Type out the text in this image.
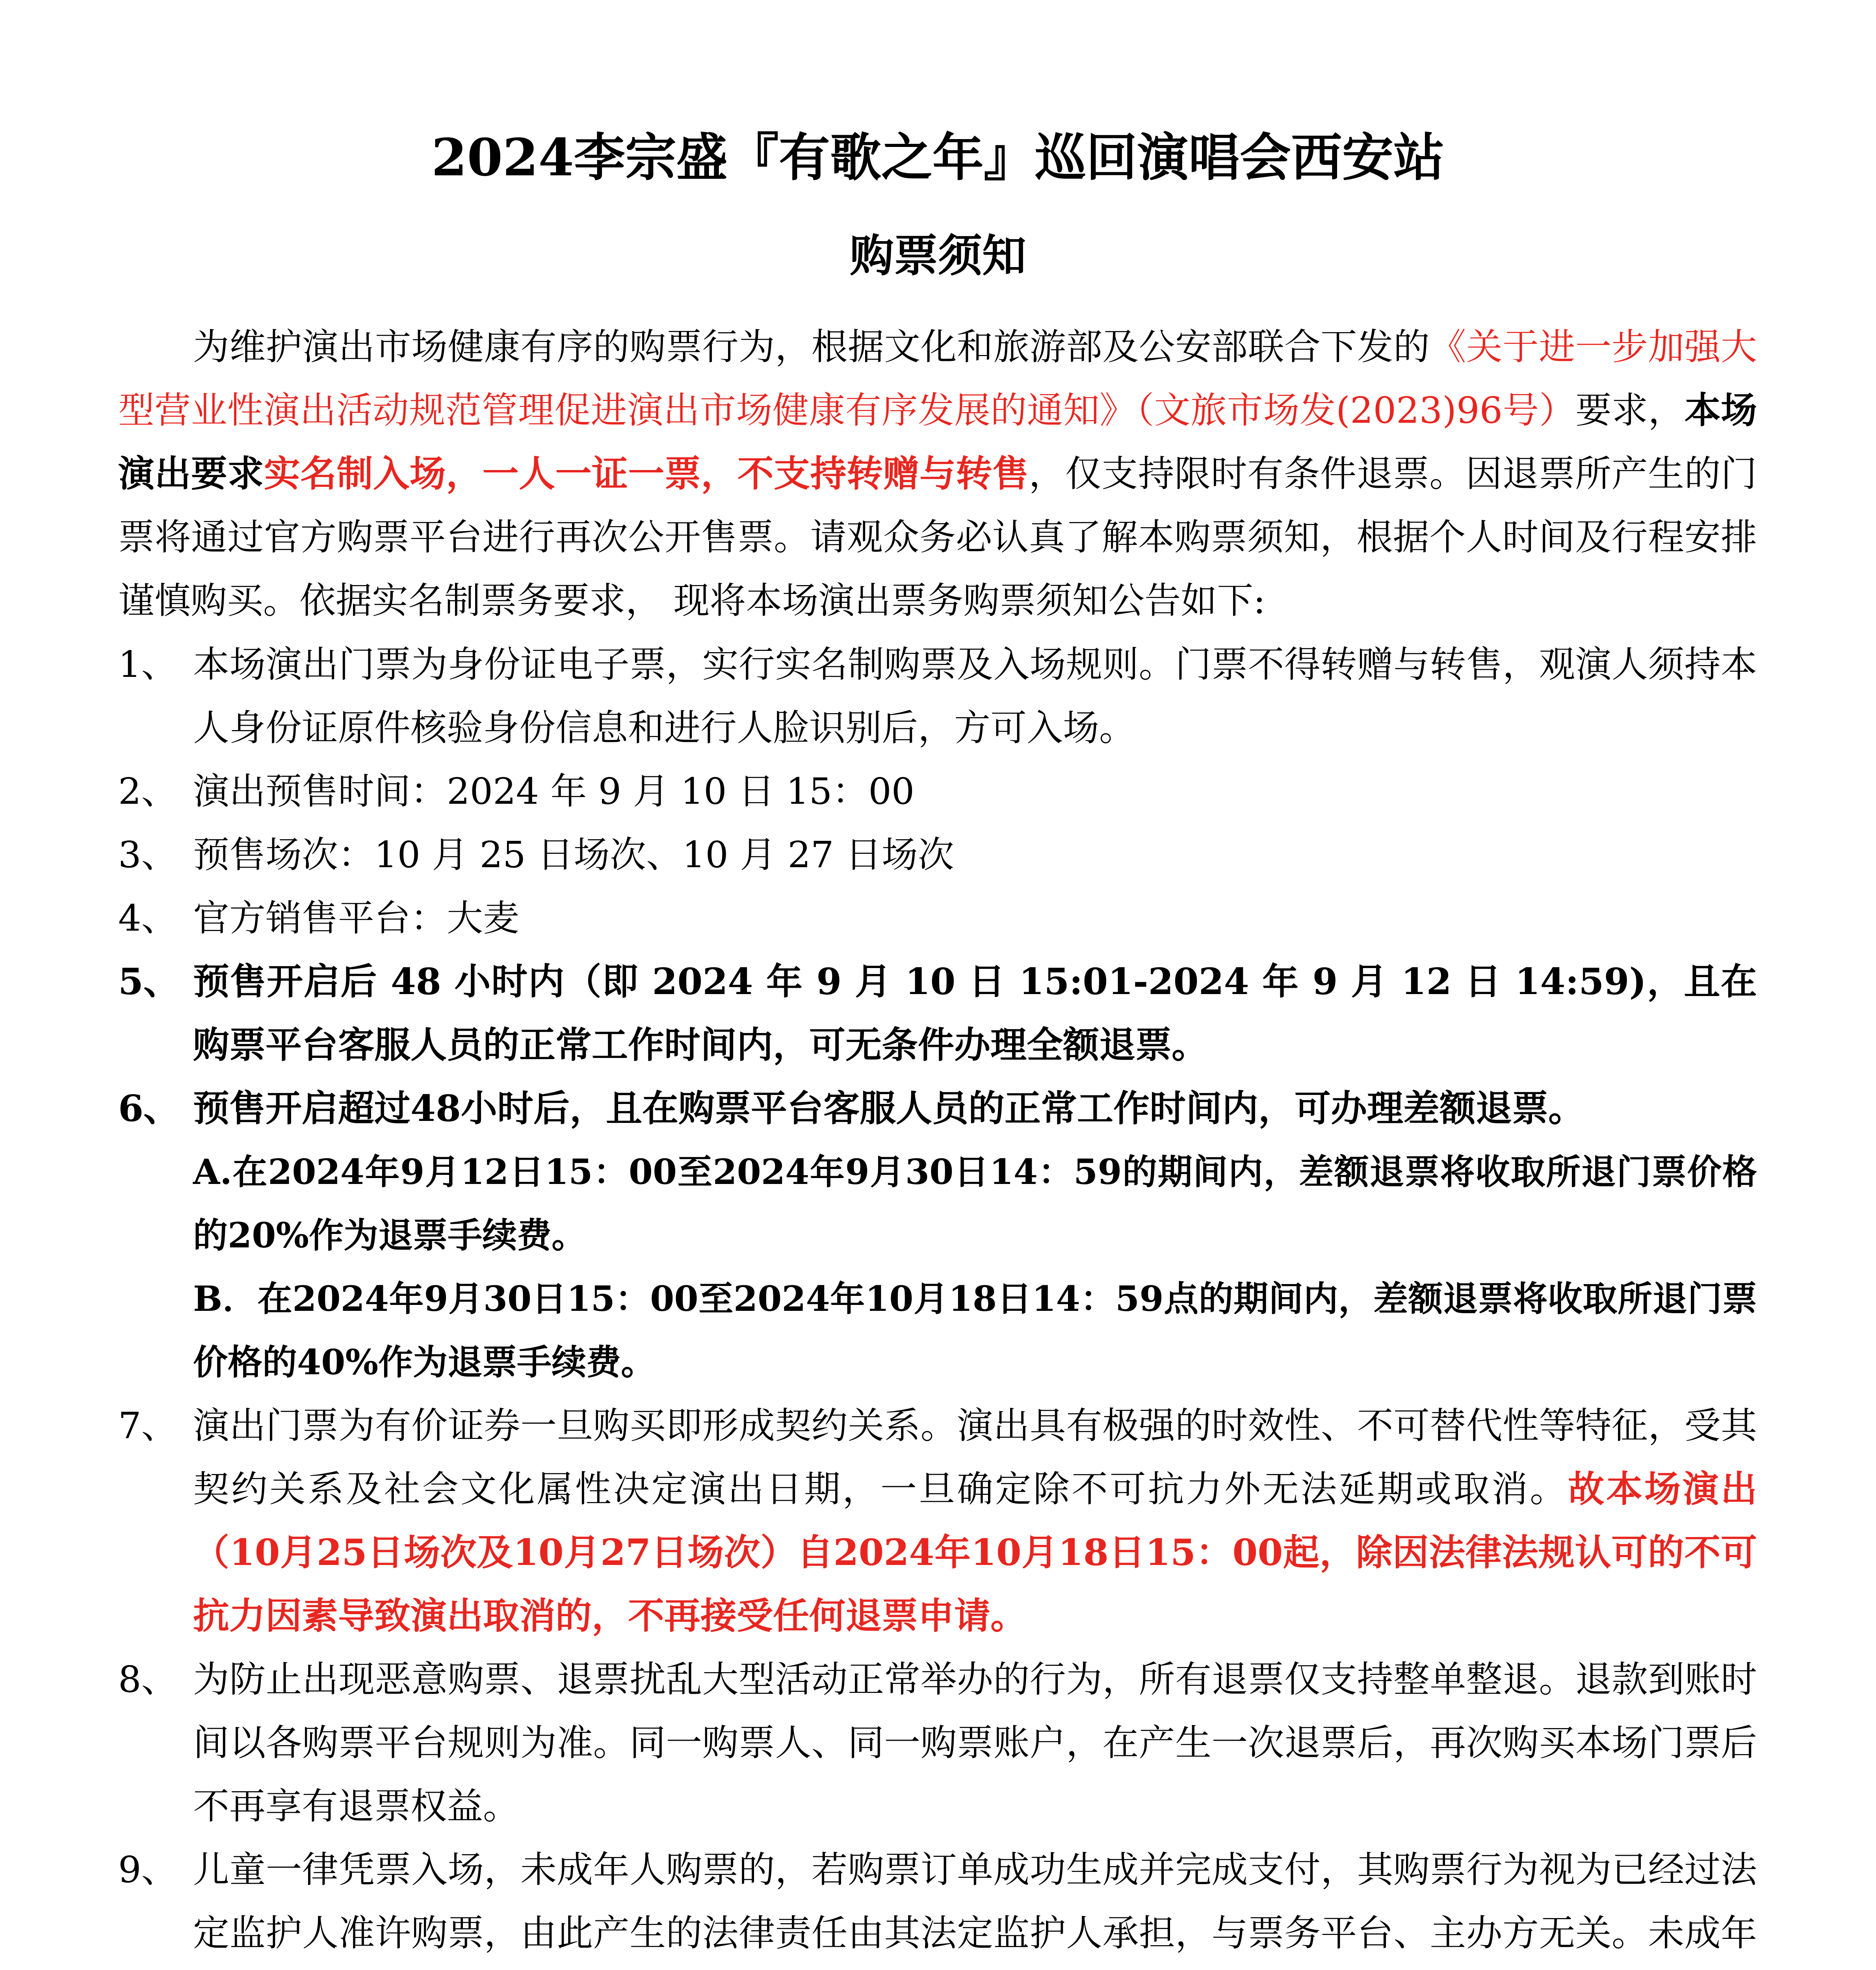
2024李宗盛『有歌之年』巡回演唱会西安站
购票须知
为维护演出市场健康有序的购票行为，根据文化和旅游部及公安部联合下发的《关于进一步加强大型营业性演出活动规范管理促进演出市场健康有序发展的通知》（文旅市场发(2023)96号）要求，本场演出要求实名制入场，一人一证一票，不支持转赠与转售，仅支持限时有条件退票。因退票所产生的门票将通过官方购票平台进行再次公开售票。请观众务必认真了解本购票须知，根据个人时间及行程安排谨慎购买。依据实名制票务要求， 现将本场演出票务购票须知公告如下:
1、 本场演出门票为身份证电子票，实行实名制购票及入场规则。门票不得转赠与转售，观演人须持本人身份证原件核验身份信息和进行人脸识别后，方可入场。
2、 演出预售时间：2024 年 9 月 10 日 15：00
3、 预售场次：10 月 25 日场次、10 月 27 日场次
4、 官方销售平台：大麦
5、 预售开启后 48 小时内（即 2024 年 9 月 10 日 15:01-2024 年 9 月 12 日 14:59)，且在购票平台客服人员的正常工作时间内，可无条件办理全额退票。
6、 预售开启超过48小时后，且在购票平台客服人员的正常工作时间内，可办理差额退票。
A.在2024年9月12日15：00至2024年9月30日14：59的期间内，差额退票将收取所退门票价格的20%作为退票手续费。
B．在2024年9月30日15：00至2024年10月18日14：59点的期间内，差额退票将收取所退门票价格的40%作为退票手续费。
7、 演出门票为有价证券一旦购买即形成契约关系。演出具有极强的时效性、不可替代性等特征，受其契约关系及社会文化属性决定演出日期，一旦确定除不可抗力外无法延期或取消。故本场演出（10月25日场次及10月27日场次）自2024年10月18日15：00起，除因法律法规认可的不可抗力因素导致演出取消的，不再接受任何退票申请。
8、 为防止出现恶意购票、退票扰乱大型活动正常举办的行为，所有退票仅支持整单整退。退款到账时间以各购票平台规则为准。同一购票人、同一购票账户，在产生一次退票后，再次购买本场门票后不再享有退票权益。
9、 儿童一律凭票入场，未成年人购票的，若购票订单成功生成并完成支付，其购票行为视为已经过法定监护人准许购票，由此产生的法律责任由其法定监护人承担，与票务平台、主办方无关。未成年
